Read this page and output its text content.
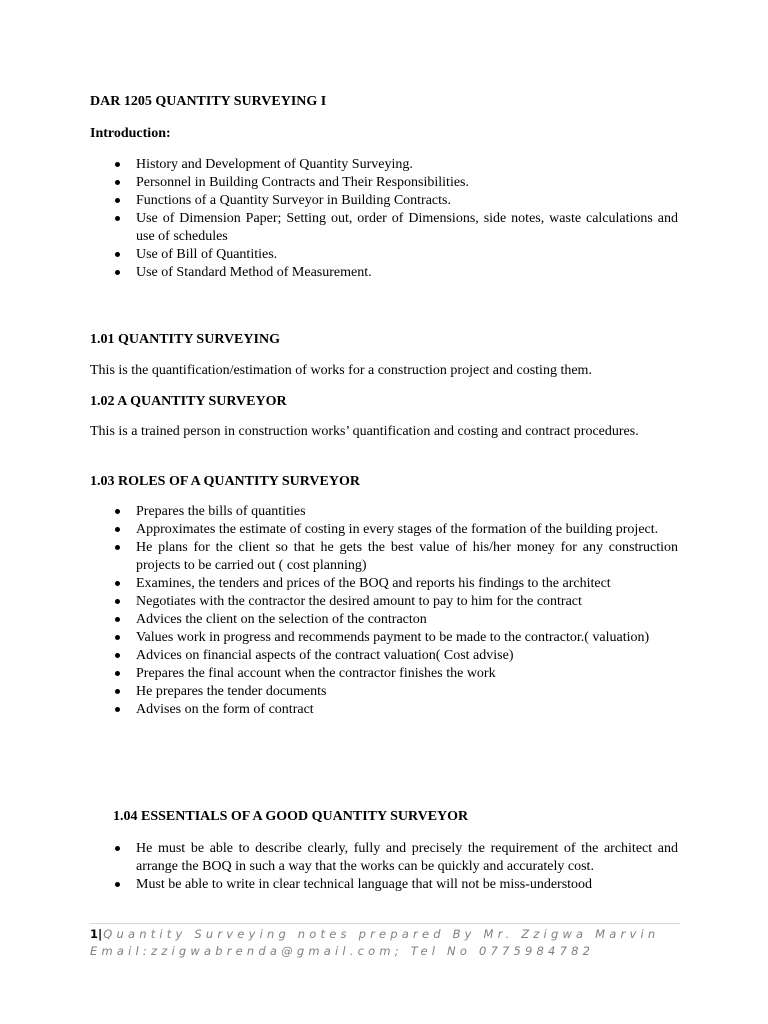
DAR 1205 QUANTITY SURVEYING I

Introduction:

History and Development of Quantity Surveying.
Personnel in Building Contracts and Their Responsibilities.
Functions of a Quantity Surveyor in Building Contracts.
Use of Dimension Paper; Setting out, order of Dimensions, side notes, waste calculations and use of schedules
Use of Bill of Quantities.
Use of Standard Method of Measurement.

1.01 QUANTITY SURVEYING

This is the quantification/estimation of works for a construction project and costing them.

1.02 A QUANTITY SURVEYOR

This is a trained person in construction works’ quantification and costing and contract procedures.

1.03 ROLES OF A QUANTITY SURVEYOR

Prepares the bills of quantities
Approximates the estimate of costing in every stages of the formation of the building project.
He plans for the client so that he gets the best value of his/her money for any construction projects to be carried out ( cost planning)
Examines, the tenders and prices of the BOQ and reports his findings to the architect
Negotiates with the contractor the desired amount to pay to him for the contract
Advices the client on the selection of the contracton
Values work in progress and recommends payment to be made to the contractor.( valuation)
Advices on financial aspects of the contract valuation( Cost advise)
Prepares the final account when the contractor finishes the work
He prepares the tender documents
Advises on the form of contract

1.04 ESSENTIALS OF A GOOD QUANTITY SURVEYOR

He must be able to describe clearly, fully and precisely the requirement of the architect and arrange the BOQ in such a way that the works can be quickly and accurately cost.
Must be able to write in clear technical language that will not be miss-understood
1|Quantity Surveying notes prepared By Mr. Zzigwa Marvin
Email:zzigwabrenda@gmail.com; Tel No 0775984782
